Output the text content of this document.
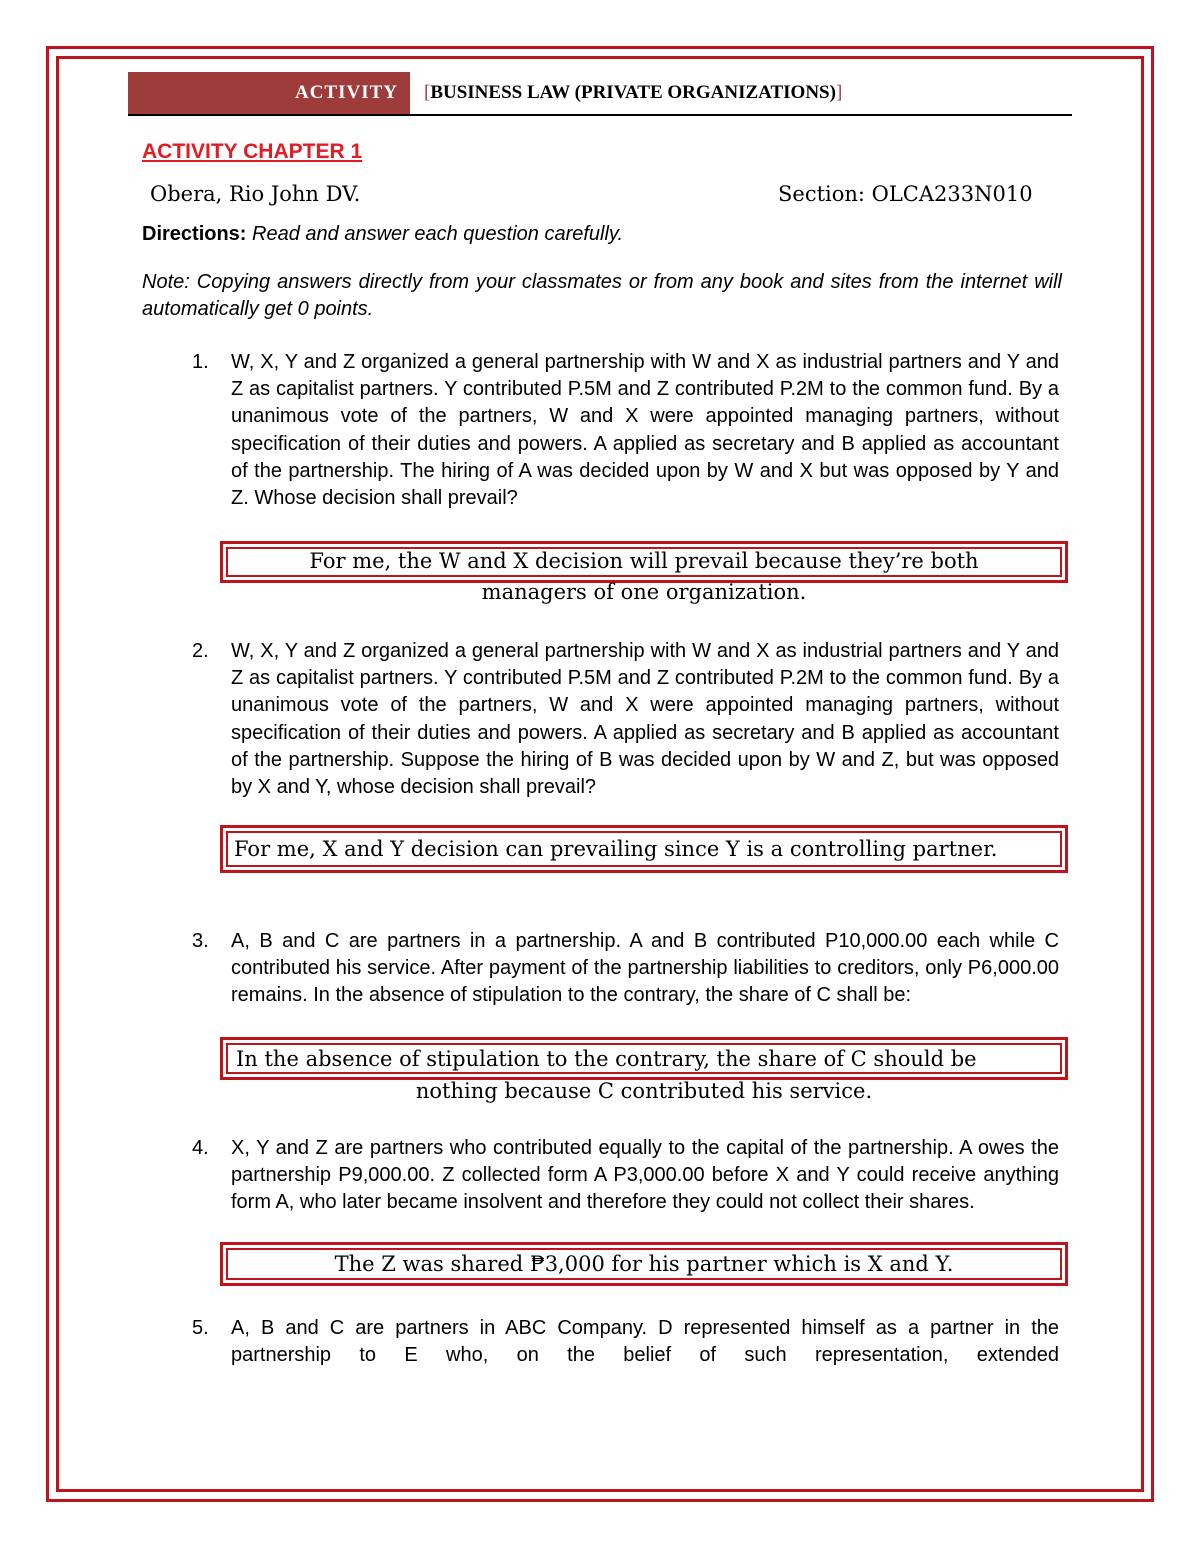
ACTIVITY	[BUSINESS LAW (PRIVATE ORGANIZATIONS)]
ACTIVITY CHAPTER 1
Obera, Rio John DV.	Section: OLCA233N010
Directions: Read and answer each question carefully.
Note: Copying answers directly from your classmates or from any book and sites from the internet will automatically get 0 points.
1. W, X, Y and Z organized a general partnership with W and X as industrial partners and Y and Z as capitalist partners. Y contributed P.5M and Z contributed P.2M to the common fund. By a unanimous vote of the partners, W and X were appointed managing partners, without specification of their duties and powers. A applied as secretary and B applied as accountant of the partnership. The hiring of A was decided upon by W and X but was opposed by Y and Z. Whose decision shall prevail?
For me, the W and X decision will prevail because they’re both
managers of one organization.
2. W, X, Y and Z organized a general partnership with W and X as industrial partners and Y and Z as capitalist partners. Y contributed P.5M and Z contributed P.2M to the common fund. By a unanimous vote of the partners, W and X were appointed managing partners, without specification of their duties and powers. A applied as secretary and B applied as accountant of the partnership. Suppose the hiring of B was decided upon by W and Z, but was opposed by X and Y, whose decision shall prevail?
For me, X and Y decision can prevailing since Y is a controlling partner.
3. A, B and C are partners in a partnership. A and B contributed P10,000.00 each while C contributed his service. After payment of the partnership liabilities to creditors, only P6,000.00 remains. In the absence of stipulation to the contrary, the share of C shall be:
In the absence of stipulation to the contrary, the share of C should be
nothing because C contributed his service.
4. X, Y and Z are partners who contributed equally to the capital of the partnership. A owes the partnership P9,000.00. Z collected form A P3,000.00 before X and Y could receive anything form A, who later became insolvent and therefore they could not collect their shares.
The Z was shared ₱3,000 for his partner which is X and Y.
5. A, B and C are partners in ABC Company. D represented himself as a partner in the partnership to E who, on the belief of such representation, extended
